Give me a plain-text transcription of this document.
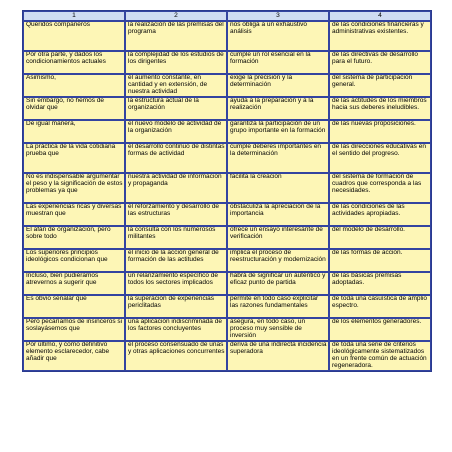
1	2	3	4
Queridos compañeros	la realización de las premisas del programa	nos obliga a un exhaustivo análisis	de las condiciones financieras y administrativas existentes.
Por otra parte, y dados los condicionamientos actuales	la complejidad de los estudios de los dirigentes	cumple un rol esencial en la formación	de las directivas de desarrollo para el futuro.
Asimismo,	el aumento constante, en cantidad y en extensión, de nuestra actividad	exige la precisión y la determinación	del sistema de participación general.
Sin embargo, no hemos de olvidar que	la estructura actual de la organización	ayuda a la preparación y a la realización	de las actitudes de los miembros hacia sus deberes ineludibles.
De igual manera,	el nuevo modelo de actividad de la organización	garantiza la participación de un grupo importante en la formación	de las nuevas proposiciones.
La práctica de la vida cotidiana prueba que	el desarrollo continuo de distintas formas de actividad	cumple deberes importantes en la determinación	de las direcciones educativas en el sentido del progreso.
No es indispensable argumentar el peso y la significación de estos problemas ya que	nuestra actividad de información y propaganda	facilita la creación	del sistema de formación de cuadros que corresponda a las necesidades.
Las experiencias ricas y diversas muestran que	el reforzamiento y desarrollo de las estructuras	obstaculiza la apreciación de la importancia	de las condiciones de las actividades apropiadas.
El afán de organización, pero sobre todo	la consulta con los numerosos militantes	ofrece un ensayo interesante de verificación	del modelo de desarrollo.
Los superiores principios ideológicos condicionan que	el inicio de la acción general de formación de las actitudes	implica el proceso de reestructuración y modernización	de las formas de acción.
Incluso, bien pudiéramos atrevernos a sugerir que	un relanzamiento específico de todos los sectores implicados	habrá de significar un auténtico y eficaz punto de partida	de las básicas premisas adoptadas.
Es obvio señalar que	la superación de experiencias periclitadas	permite en todo caso explicitar las razones fundamentales	de toda una casuística de amplio espectro.
Pero pecaríamos de insinceros si soslayásemos que	una aplicación indiscriminada de los factores concluyentes	asegura, en todo caso, un proceso muy sensible de inversión	de los elementos generadores.
Por último, y como definitivo elemento esclarecedor, cabe añadir que	el proceso consensuado de unas y otras aplicaciones concurrentes	deriva de una indirecta incidencia superadora	de toda una serie de criterios ideológicamente sistematizados en un frente común de actuación regeneradora.
